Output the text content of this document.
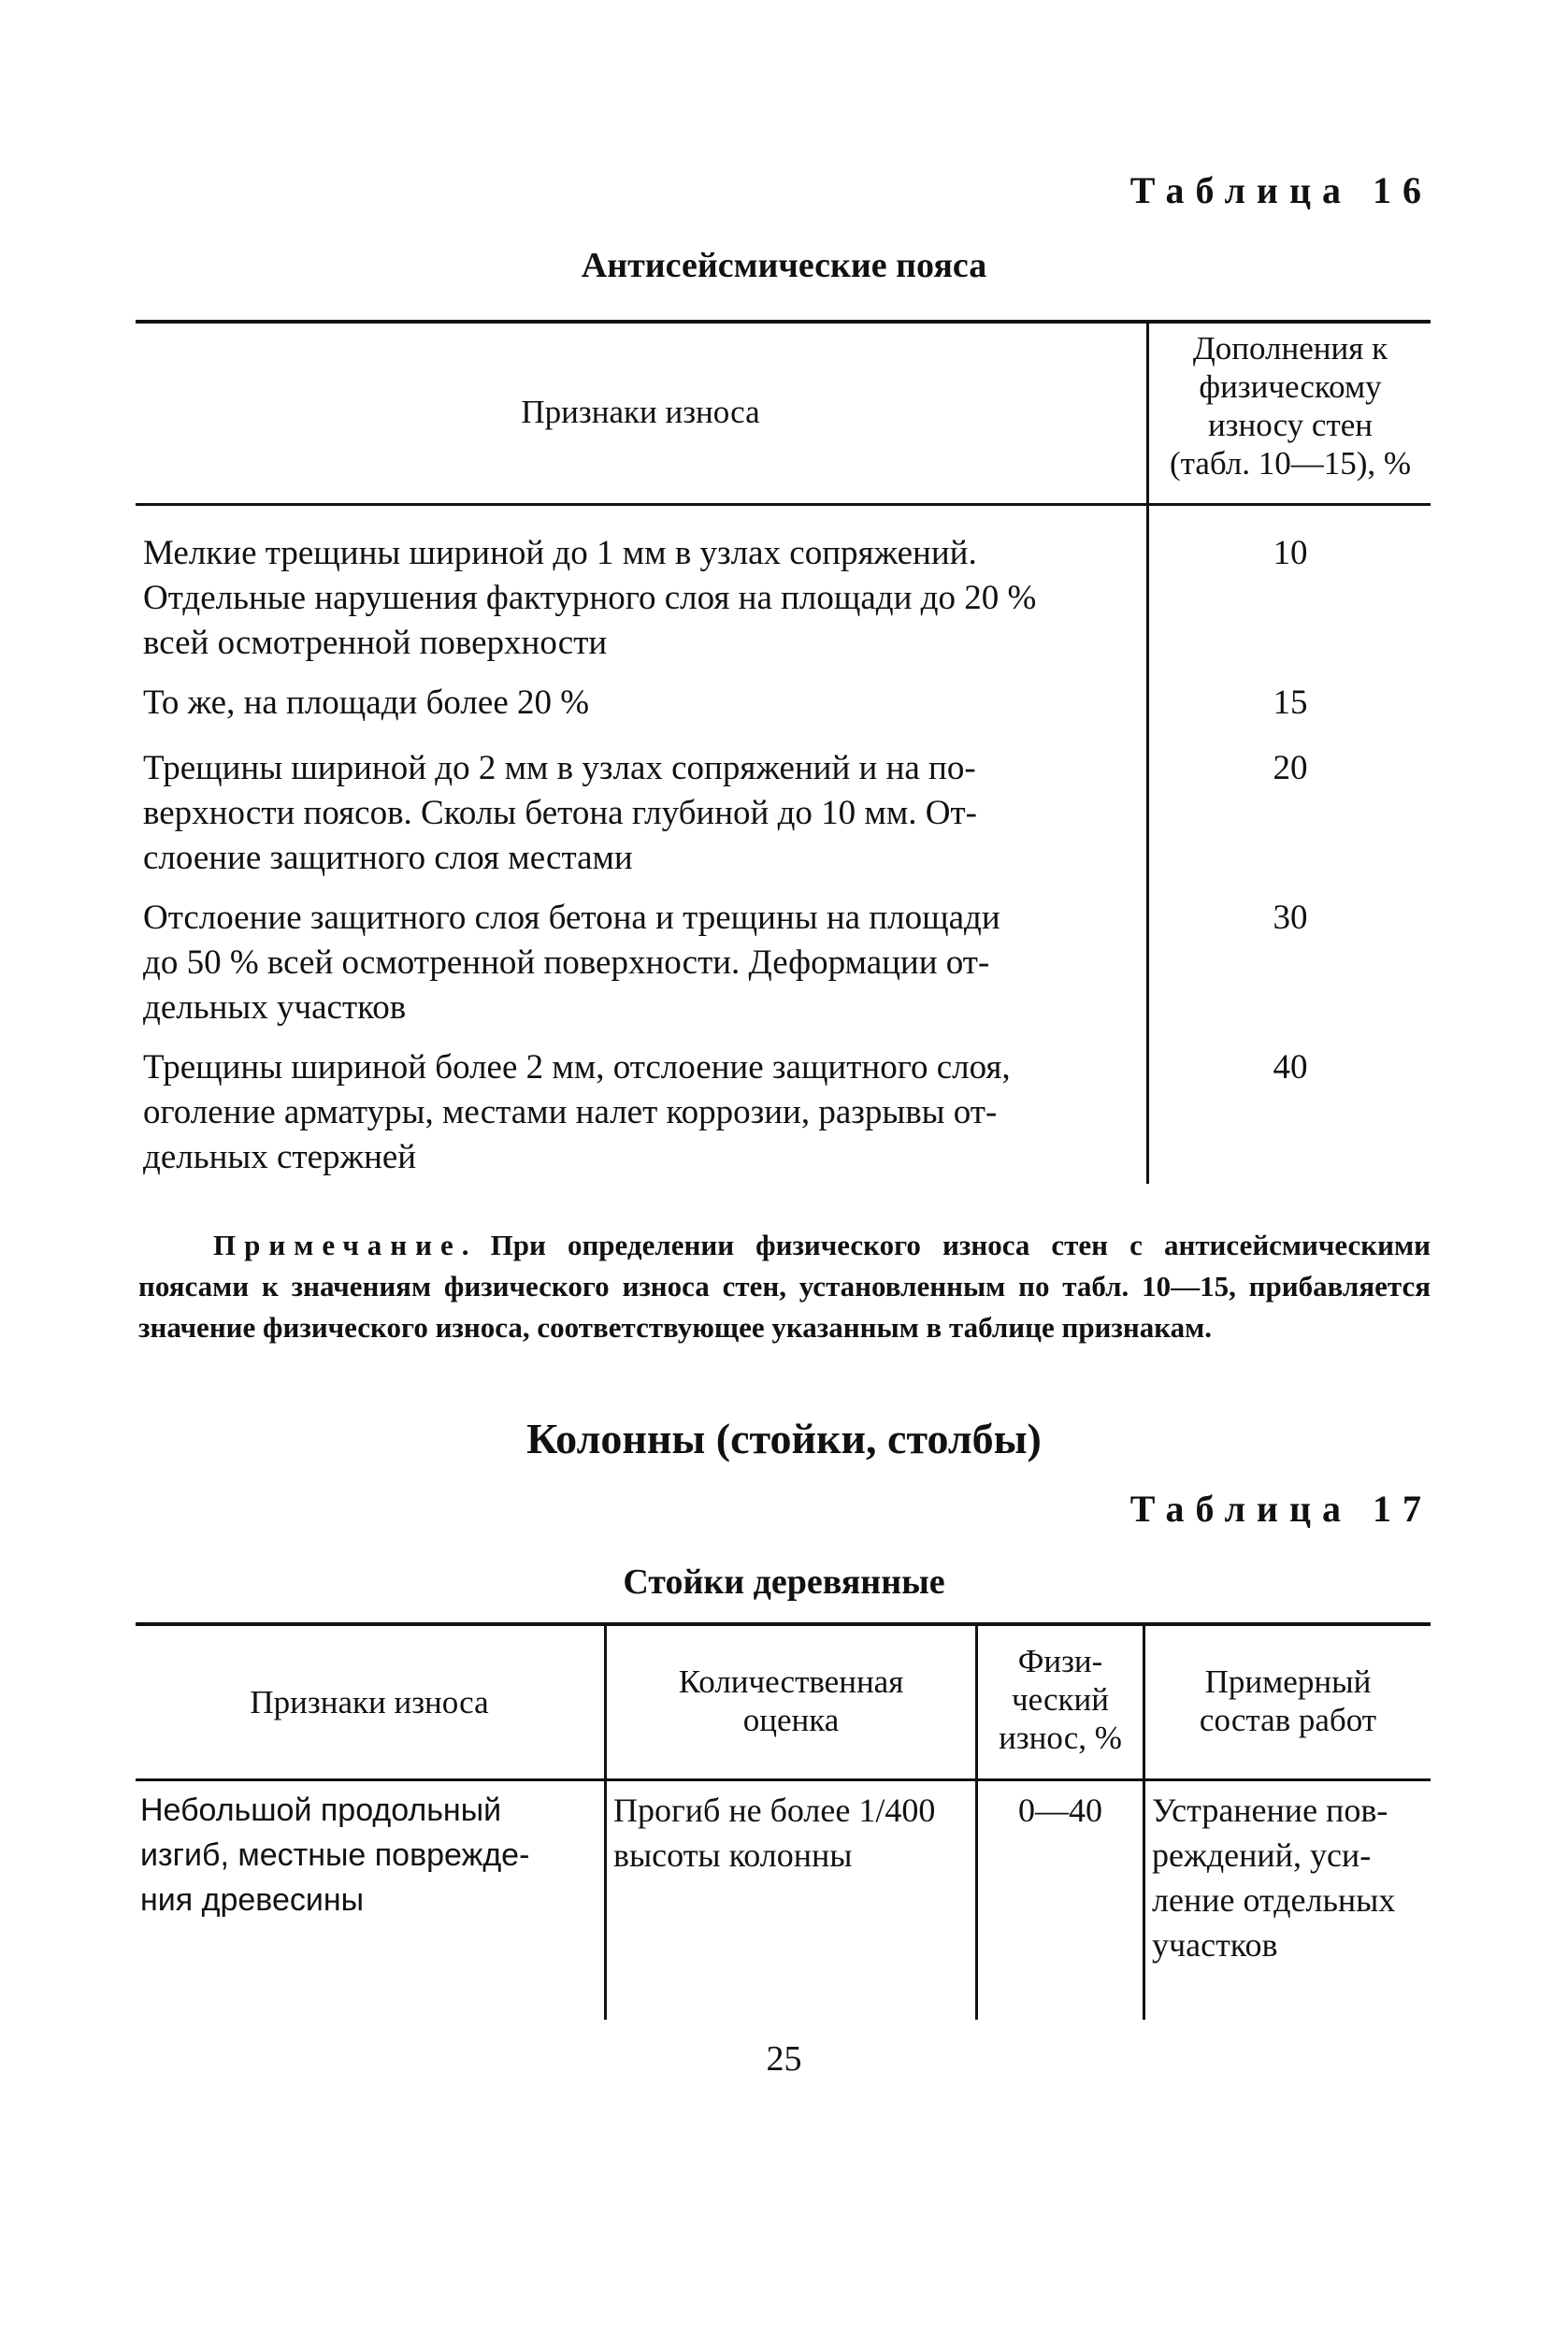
Таблица 16
Антисейсмические пояса
Признаки износа
Дополнения к
физическому
износу стен
(табл. 10—15), %
Мелкие трещины шириной до 1 мм в узлах сопряжений.
Отдельные нарушения фактурного слоя на площади до 20 %
всей осмотренной поверхности
10
То же, на площади более 20 %	15
Трещины шириной до 2 мм в узлах сопряжений и на по-
верхности поясов. Сколы бетона глубиной до 10 мм. От-
слоение защитного слоя местами
20
Отслоение защитного слоя бетона и трещины на площади
до 50 % всей осмотренной поверхности. Деформации от-
дельных участков
30
Трещины шириной более 2 мм, отслоение защитного слоя,
оголение арматуры, местами налет коррозии, разрывы от-
дельных стержней
40
Примечание. При определении физического износа стен с антисейсмическими поясами к значениям физического износа стен, установленным по табл. 10—15, прибавляется значение физического износа, соответствующее указанным в таблице признакам.
Колонны (стойки, столбы)
Таблица 17
Стойки деревянные
Признаки износа
Количественная
оценка
Физи-
ческий
износ, %
Примерный
состав работ
Небольшой продольный
изгиб, местные поврежде-
ния древесины
Прогиб не более 1/400
высоты колонны
0—40	Устранение пов-
реждений, уси-
ление отдельных
участков
25
